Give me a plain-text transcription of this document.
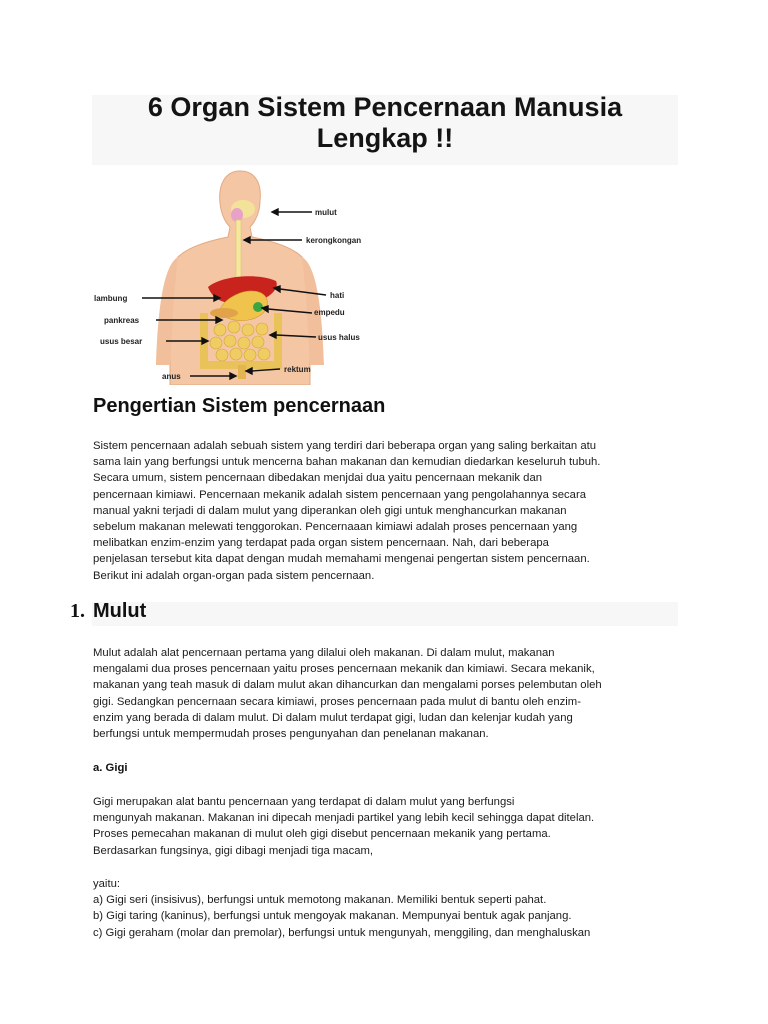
6 Organ Sistem Pencernaan Manusia
Lengkap !!
mulut
kerongkongan
lambung	hati
pankreas
empedu
usus besar	usus halus
rektum
anus
Pengertian Sistem pencernaan
Sistem pencernaan adalah sebuah sistem yang terdiri dari beberapa organ yang saling berkaitan atu
sama lain yang berfungsi untuk mencerna bahan makanan dan kemudian diedarkan keseluruh tubuh.
Secara umum, sistem pencernaan dibedakan menjdai dua yaitu pencernaan mekanik dan
pencernaan kimiawi. Pencernaan mekanik adalah sistem pencernaan yang pengolahannya secara
manual yakni terjadi di dalam mulut yang diperankan oleh gigi untuk menghancurkan makanan
sebelum makanan melewati tenggorokan. Pencernaaan kimiawi adalah proses pencernaan yang
melibatkan enzim-enzim yang terdapat pada organ sistem pencernaan. Nah, dari beberapa
penjelasan tersebut kita dapat dengan mudah memahami mengenai pengertan sistem pencernaan.
Berikut ini adalah organ-organ pada sistem pencernaan.
1. Mulut
Mulut adalah alat pencernaan pertama yang dilalui oleh makanan. Di dalam mulut, makanan
mengalami dua proses pencernaan yaitu proses pencernaan mekanik dan kimiawi. Secara mekanik,
makanan yang teah masuk di dalam mulut akan dihancurkan dan mengalami porses pelembutan oleh
gigi. Sedangkan pencernaan secara kimiawi, proses pencernaan pada mulut di bantu oleh enzim-
enzim yang berada di dalam mulut. Di dalam mulut terdapat gigi, ludan dan kelenjar kudah yang
berfungsi untuk mempermudah proses pengunyahan dan penelanan makanan.
a. Gigi
Gigi merupakan alat bantu pencernaan yang terdapat di dalam mulut yang berfungsi
mengunyah makanan. Makanan ini dipecah menjadi partikel yang lebih kecil sehingga dapat ditelan.
Proses pemecahan makanan di mulut oleh gigi disebut pencernaan mekanik yang pertama.
Berdasarkan fungsinya, gigi dibagi menjadi tiga macam,
yaitu:
a) Gigi seri (insisivus), berfungsi untuk memotong makanan. Memiliki bentuk seperti pahat.
b) Gigi taring (kaninus), berfungsi untuk mengoyak makanan. Mempunyai bentuk agak panjang.
c) Gigi geraham (molar dan premolar), berfungsi untuk mengunyah, menggiling, dan menghaluskan
